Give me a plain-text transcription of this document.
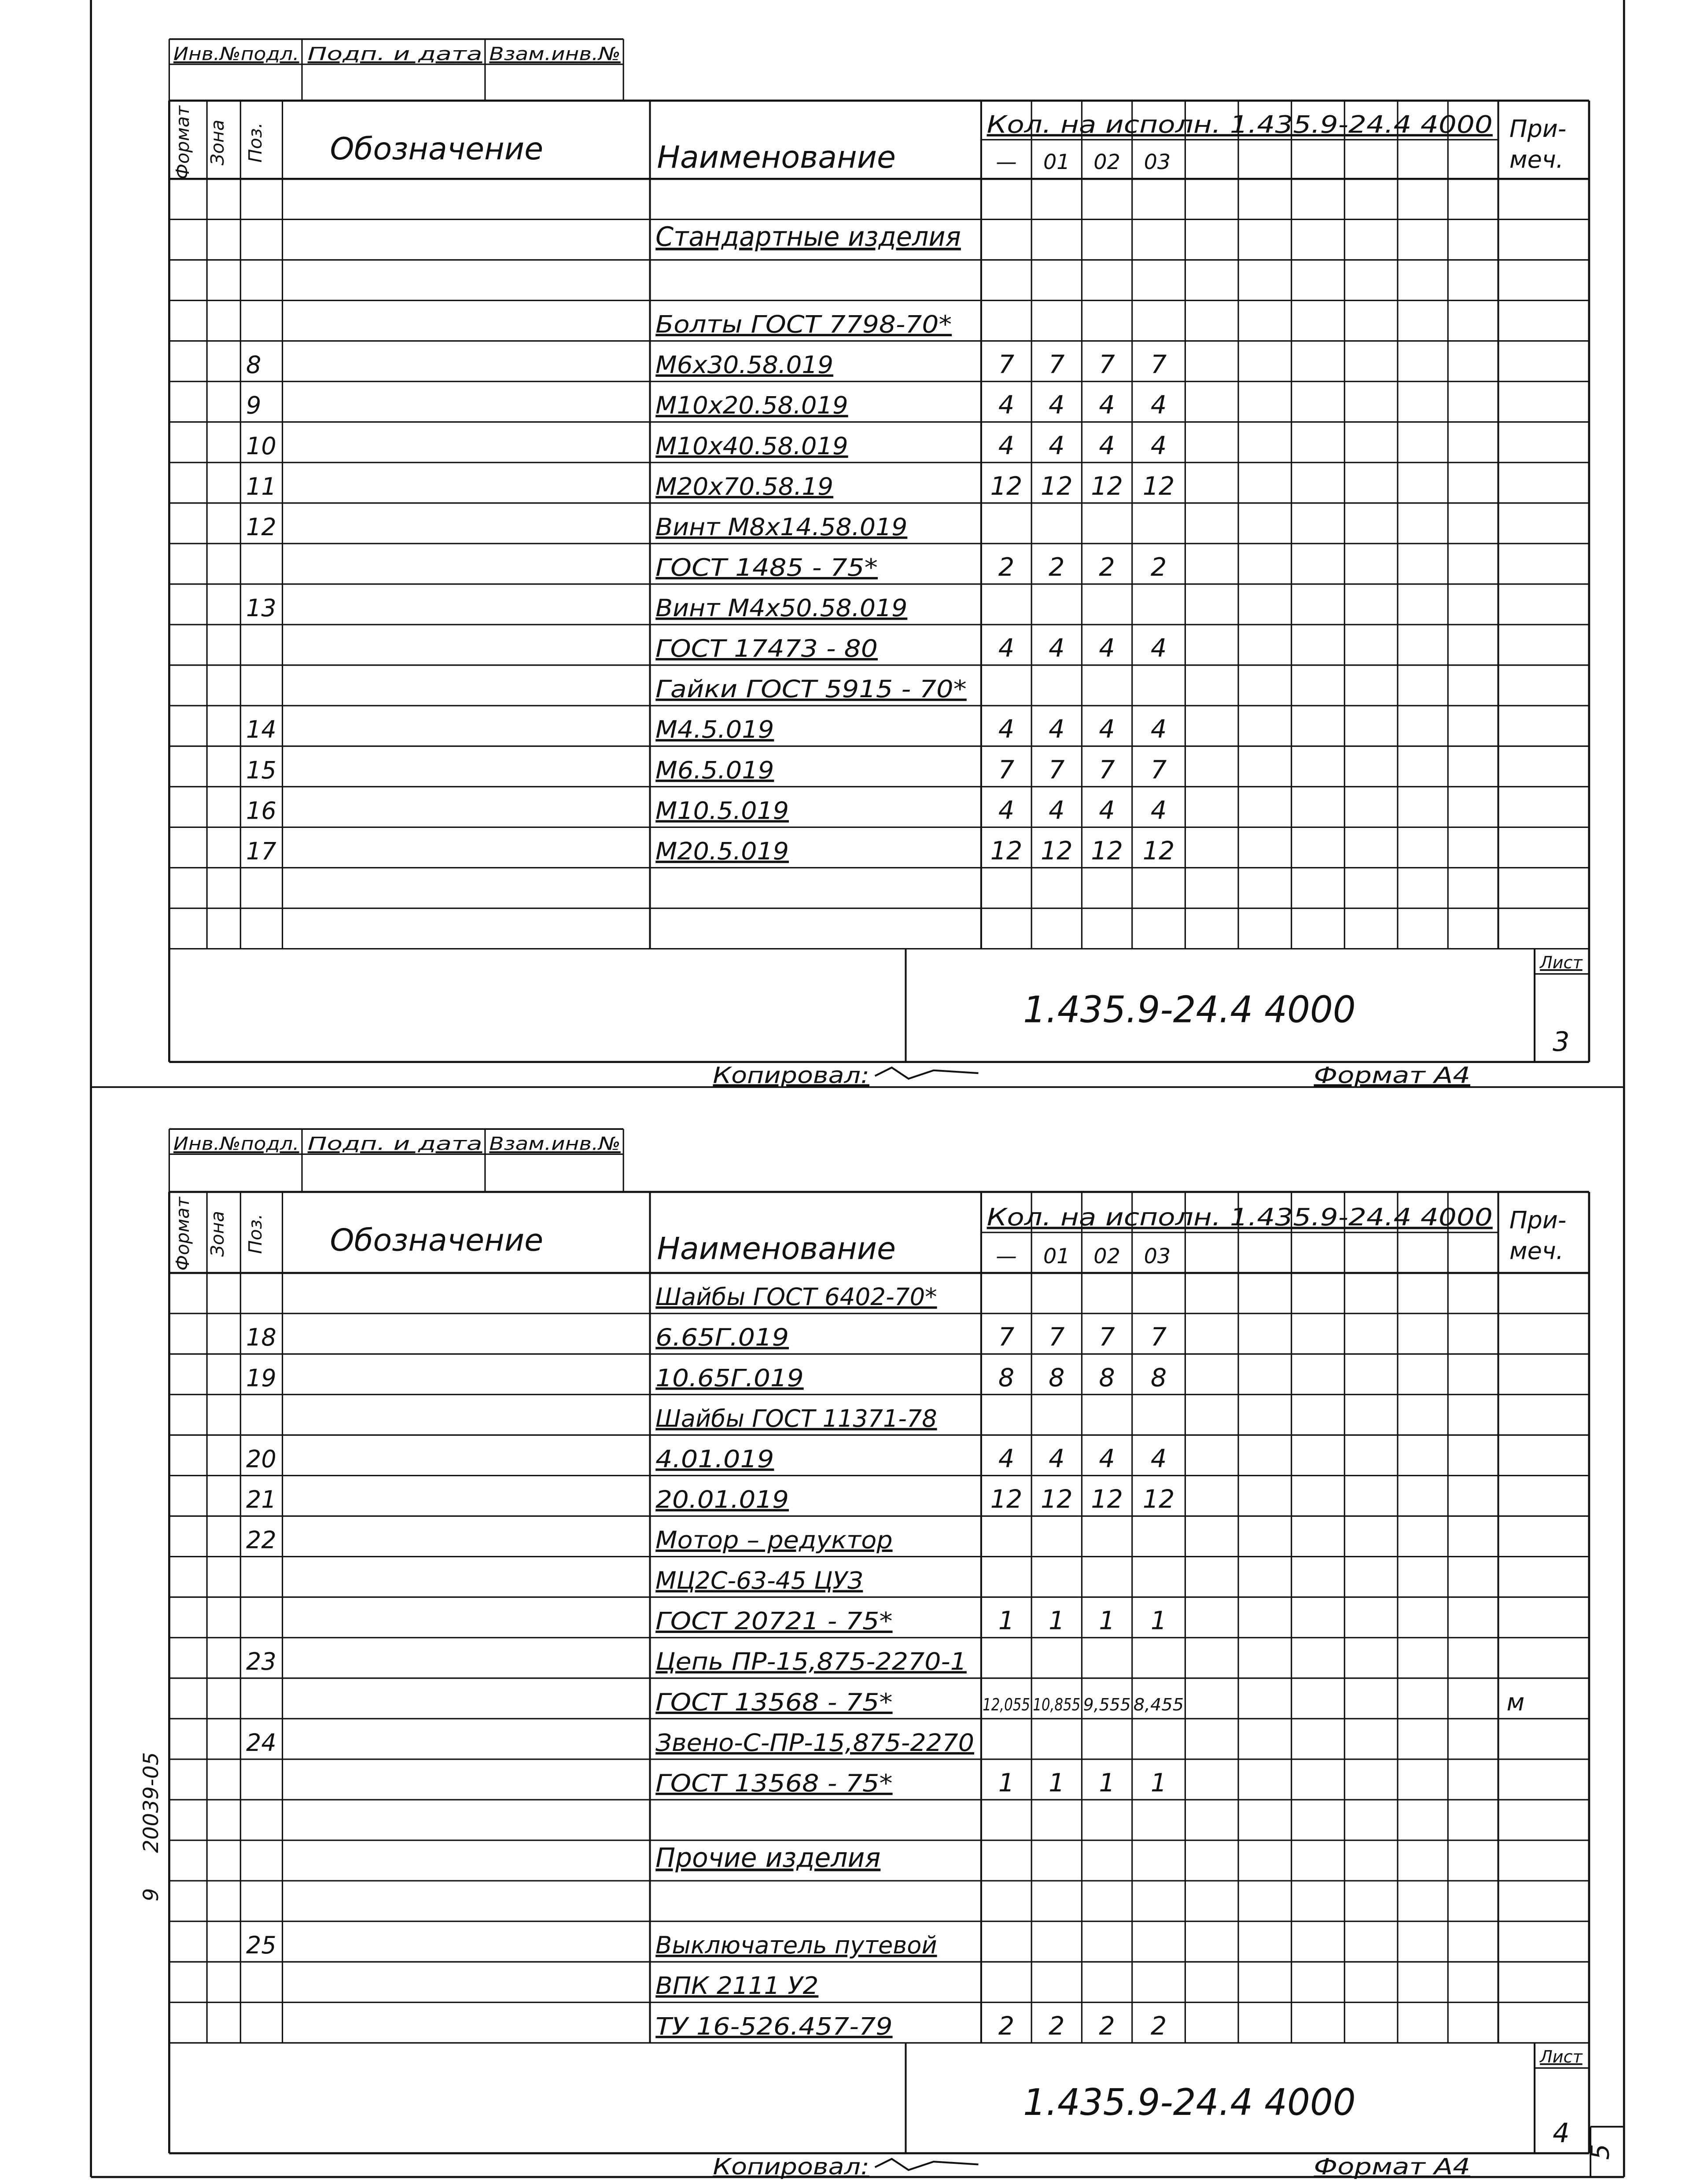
Инв.№подл. Подп. и дата Взам.инв.№
Формат Зона	Поз.	Обозначение	Наименование
Кол. на исполн. 1.435.9-24.4 4000
—	01	02	03
При-меч.
Стандартные изделия
Болты ГОСТ 7798-70*
8	М6х30.58.019	7	7	7	7
9	М10х20.58.019	4	4	4	4
10	М10х40.58.019	4	4	4	4
11	М20х70.58.19	12 12 12 12
12	Винт М8х14.58.019
ГОСТ 1485 - 75*	2	2	2	2
13	Винт М4х50.58.019
ГОСТ 17473 - 80	4	4	4	4
Гайки ГОСТ 5915 - 70*
14	М4.5.019	4	4	4	4
15	М6.5.019	7	7	7	7
16	М10.5.019	4	4	4	4
17	М20.5.019	12 12 12 12
1.435.9-24.4 4000
Лист
3
Копировал:	Формат А4
Инв.№подл. Подп. и дата Взам.инв.№
Формат Зона	Поз.	Обозначение	Наименование
Кол. на исполн. 1.435.9-24.4 4000
—	01	02	03
При-меч.
Шайбы ГОСТ 6402-70*
18	6.65Г.019	7	7	7	7
19	10.65Г.019	8	8	8	8
Шайбы ГОСТ 11371-78
20	4.01.019	4	4	4	4
21	20.01.019	12 12 12 12
22	Мотор – редуктор
МЦ2С-63-45 ЦУЗ
ГОСТ 20721 - 75*	1	1	1	1
23	Цепь ПР-15,875-2270-1
ГОСТ 13568 - 75*	12,055 10,855 9,555 8,455	м
24	Звено-С-ПР-15,875-2270
ГОСТ 13568 - 75*	1	1	1	1
Прочие изделия
25	Выключатель путевой
ВПК 2111 У2
ТУ 16-526.457-79	2	2	2	2
1.435.9-24.4 4000
Лист
4
Копировал:	Формат А4
20039-05
9
5
